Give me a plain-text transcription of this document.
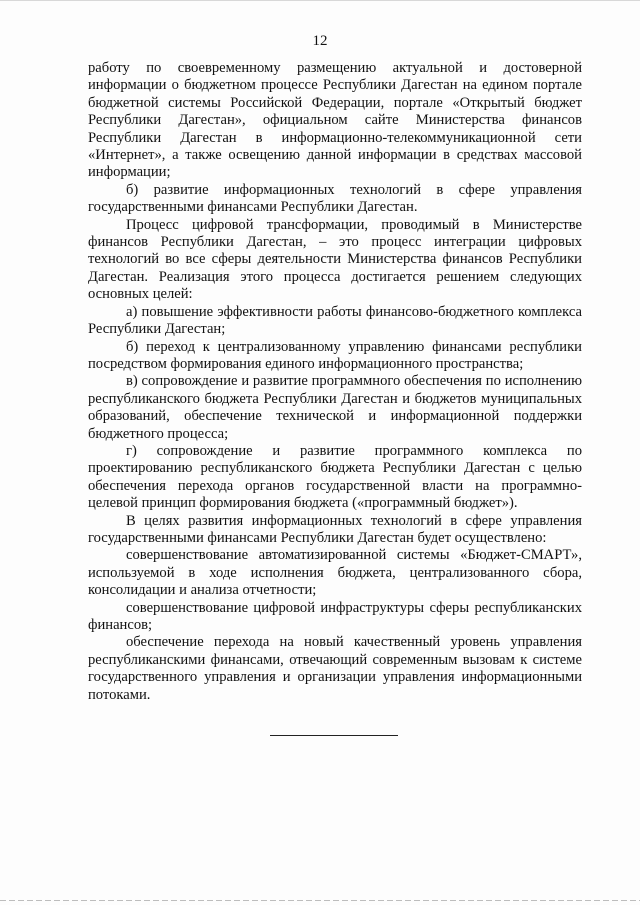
12

работу по своевременному размещению актуальной и достоверной информации о бюджетном процессе Республики Дагестан на едином портале бюджетной системы Российской Федерации, портале «Открытый бюджет Республики Дагестан», официальном сайте Министерства финансов Республики Дагестан в информационно-телекоммуникационной сети «Интернет», а также освещению данной информации в средствах массовой информации;

б) развитие информационных технологий в сфере управления государственными финансами Республики Дагестан.

Процесс цифровой трансформации, проводимый в Министерстве финансов Республики Дагестан, – это процесс интеграции цифровых технологий во все сферы деятельности Министерства финансов Республики Дагестан. Реализация этого процесса достигается решением следующих основных целей:

а) повышение эффективности работы финансово-бюджетного комплекса Республики Дагестан;

б) переход к централизованному управлению финансами республики посредством формирования единого информационного пространства;

в) сопровождение и развитие программного обеспечения по исполнению республиканского бюджета Республики Дагестан и бюджетов муниципальных образований, обеспечение технической и информационной поддержки бюджетного процесса;

г) сопровождение и развитие программного комплекса по проектированию республиканского бюджета Республики Дагестан с целью обеспечения перехода органов государственной власти на программно-целевой принцип формирования бюджета («программный бюджет»).

В целях развития информационных технологий в сфере управления государственными финансами Республики Дагестан будет осуществлено:

совершенствование автоматизированной системы «Бюджет-СМАРТ», используемой в ходе исполнения бюджета, централизованного сбора, консолидации и анализа отчетности;

совершенствование цифровой инфраструктуры сферы республиканских финансов;

обеспечение перехода на новый качественный уровень управления республиканскими финансами, отвечающий современным вызовам к системе государственного управления и организации управления информационными потоками.
